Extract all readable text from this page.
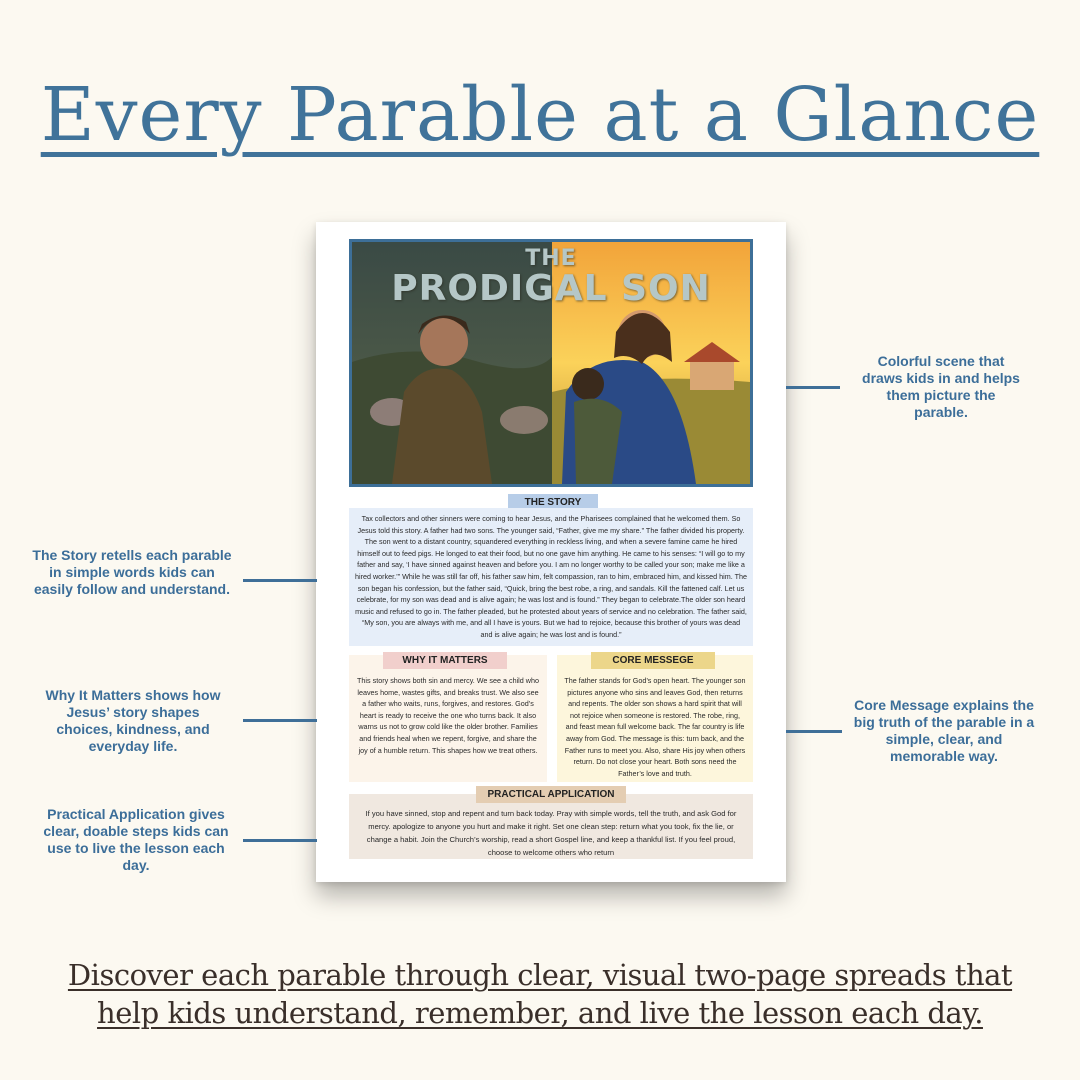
Every Parable at a Glance
THE
PRODIGAL SON
THE STORY
Tax collectors and other sinners were coming to hear Jesus, and the Pharisees complained that he welcomed them. So Jesus told this story. A father had two sons. The younger said, “Father, give me my share.” The father divided his property. The son went to a distant country, squandered everything in reckless living, and when a severe famine came he hired himself out to feed pigs. He longed to eat their food, but no one gave him anything. He came to his senses: “I will go to my father and say, ‘I have sinned against heaven and before you. I am no longer worthy to be called your son; make me like a hired worker.’” While he was still far off, his father saw him, felt compassion, ran to him, embraced him, and kissed him. The son began his confession, but the father said, “Quick, bring the best robe, a ring, and sandals. Kill the fattened calf. Let us celebrate, for my son was dead and is alive again; he was lost and is found.” They began to celebrate.The older son heard music and refused to go in. The father pleaded, but he protested about years of service and no celebration. The father said, “My son, you are always with me, and all I have is yours. But we had to rejoice, because this brother of yours was dead and is alive again; he was lost and is found.”
This story shows both sin and mercy. We see a child who leaves home, wastes gifts, and breaks trust. We also see a father who waits, runs, forgives, and restores. God’s heart is ready to receive the one who turns back. It also warns us not to grow cold like the older brother. Families and friends heal when we repent, forgive, and share the joy of a humble return. This shapes how we treat others.
WHY IT MATTERS
The father stands for God’s open heart. The younger son pictures anyone who sins and leaves God, then returns and repents. The older son shows a hard spirit that will not rejoice when someone is restored. The robe, ring, and feast mean full welcome back. The far country is life away from God. The message is this: turn back, and the Father runs to meet you. Also, share His joy when others return. Do not close your heart. Both sons need the Father’s love and truth.
CORE MESSEGE
If you have sinned, stop and repent and turn back today. Pray with simple words, tell the truth, and ask God for mercy. apologize to anyone you hurt and make it right. Set one clean step: return what you took, fix the lie, or change a habit. Join the Church’s worship, read a short Gospel line, and keep a thankful list. If you feel proud, choose to welcome others who return
PRACTICAL APPLICATION
Colorful scene that draws kids in and helps them picture the parable.
The Story retells each parable in simple words kids can easily follow and understand.
Why It Matters shows how Jesus’ story shapes choices, kindness, and everyday life.
Core Message explains the big truth of the parable in a simple, clear, and memorable way.
Practical Application gives clear, doable steps kids can use to live the lesson each day.

Discover each parable through clear, visual two-page spreads that help kids understand, remember, and live the lesson each day.
